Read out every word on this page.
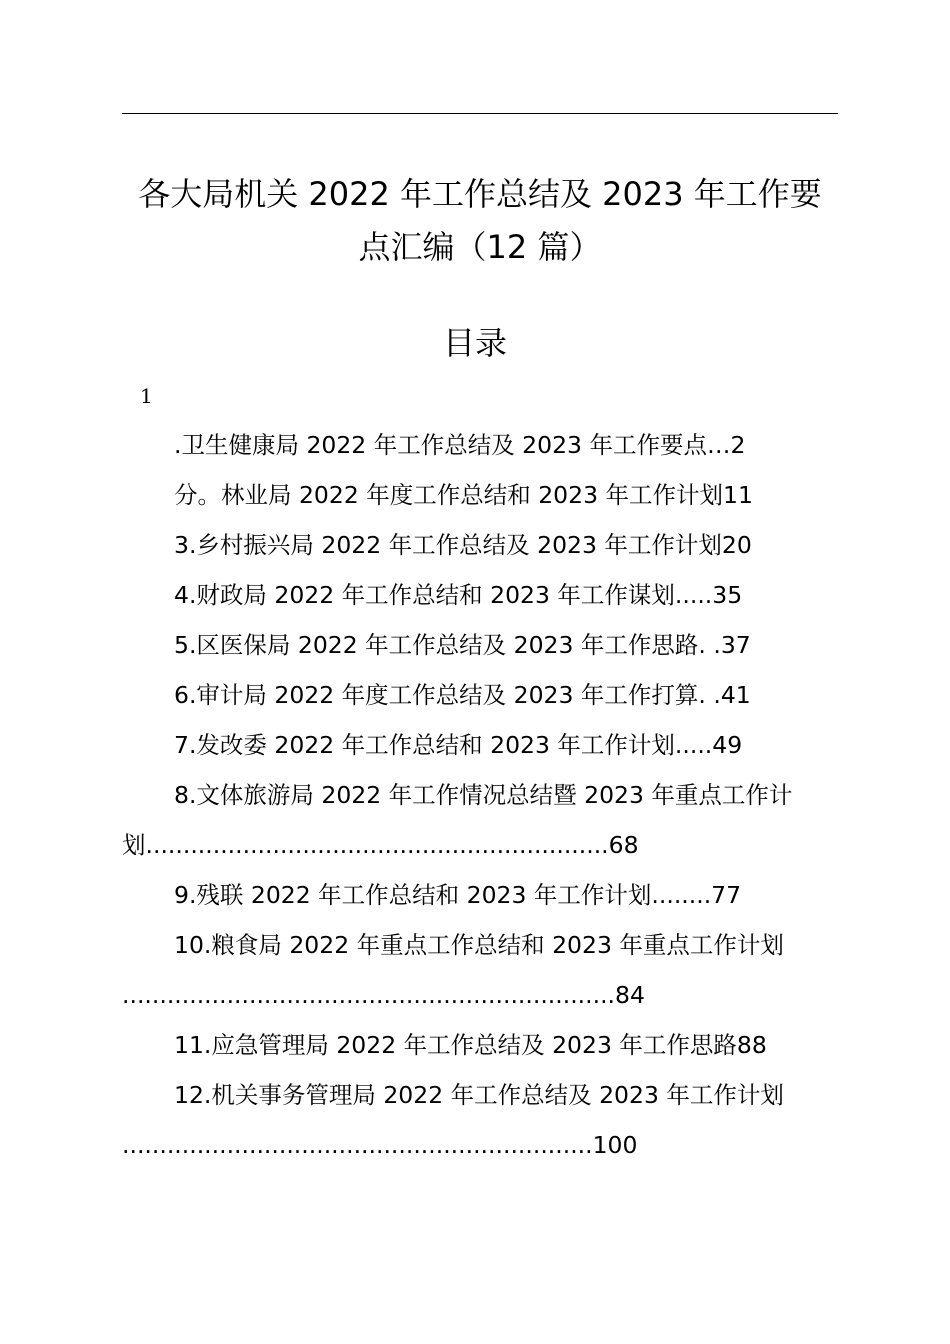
各大局机关 2022 年工作总结及 2023 年工作要
点汇编（12 篇）
目录
1
.卫生健康局 2022 年工作总结及 2023 年工作要点…2
分。林业局 2022 年度工作总结和 2023 年工作计划11
3.乡村振兴局 2022 年工作总结及 2023 年工作计划20
4.财政局 2022 年工作总结和 2023 年工作谋划.....35
5.区医保局 2022 年工作总结及 2023 年工作思路. .37
6.审计局 2022 年度工作总结及 2023 年工作打算. .41
7.发改委 2022 年工作总结和 2023 年工作计划.....49
8.文体旅游局 2022 年工作情况总结暨 2023 年重点工作计
划..............................................................68
9.残联 2022 年工作总结和 2023 年工作计划........77
10.粮食局 2022 年重点工作总结和 2023 年重点工作计划
..................................................................84
11.应急管理局 2022 年工作总结及 2023 年工作思路88
12.机关事务管理局 2022 年工作总结及 2023 年工作计划
...............................................................100
